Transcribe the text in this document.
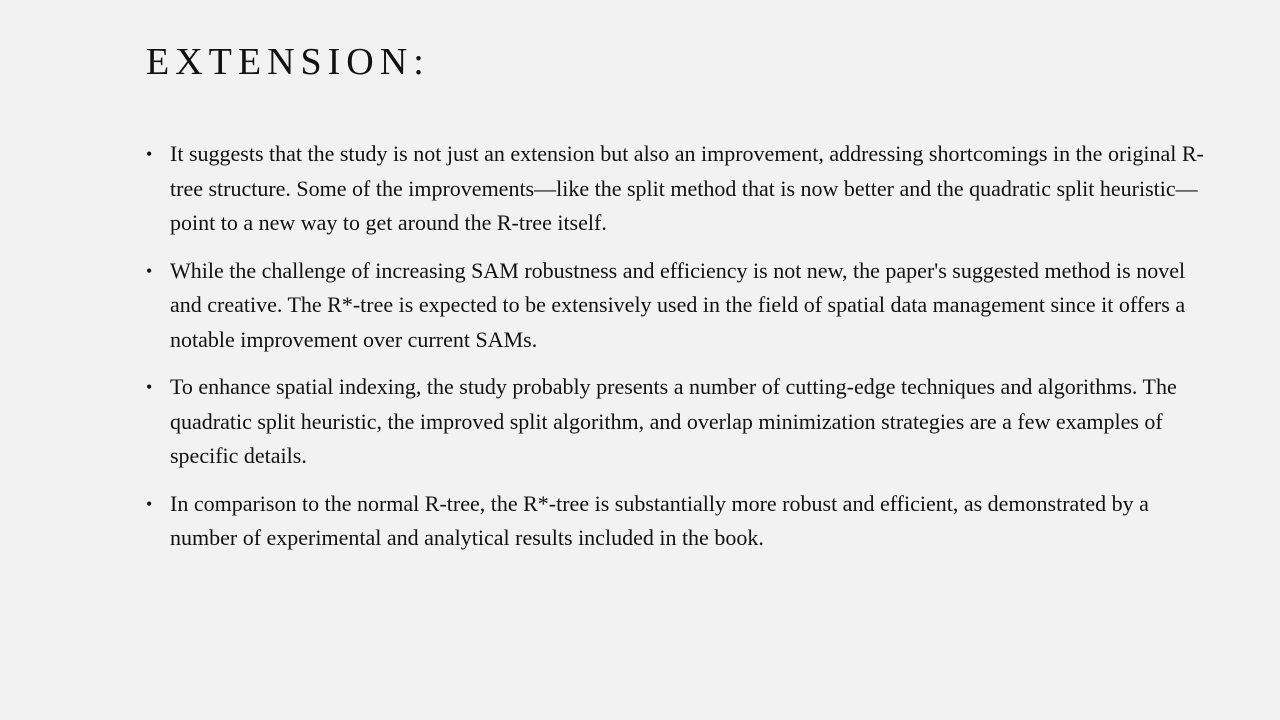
EXTENSION:
• It suggests that the study is not just an extension but also an improvement, addressing shortcomings in the original R-tree structure. Some of the improvements—like the split method that is now better and the quadratic split heuristic—point to a new way to get around the R-tree itself.
• While the challenge of increasing SAM robustness and efficiency is not new, the paper's suggested method is novel and creative. The R*-tree is expected to be extensively used in the field of spatial data management since it offers a notable improvement over current SAMs.
• To enhance spatial indexing, the study probably presents a number of cutting-edge techniques and algorithms. The quadratic split heuristic, the improved split algorithm, and overlap minimization strategies are a few examples of specific details.
• In comparison to the normal R-tree, the R*-tree is substantially more robust and efficient, as demonstrated by a number of experimental and analytical results included in the book.
